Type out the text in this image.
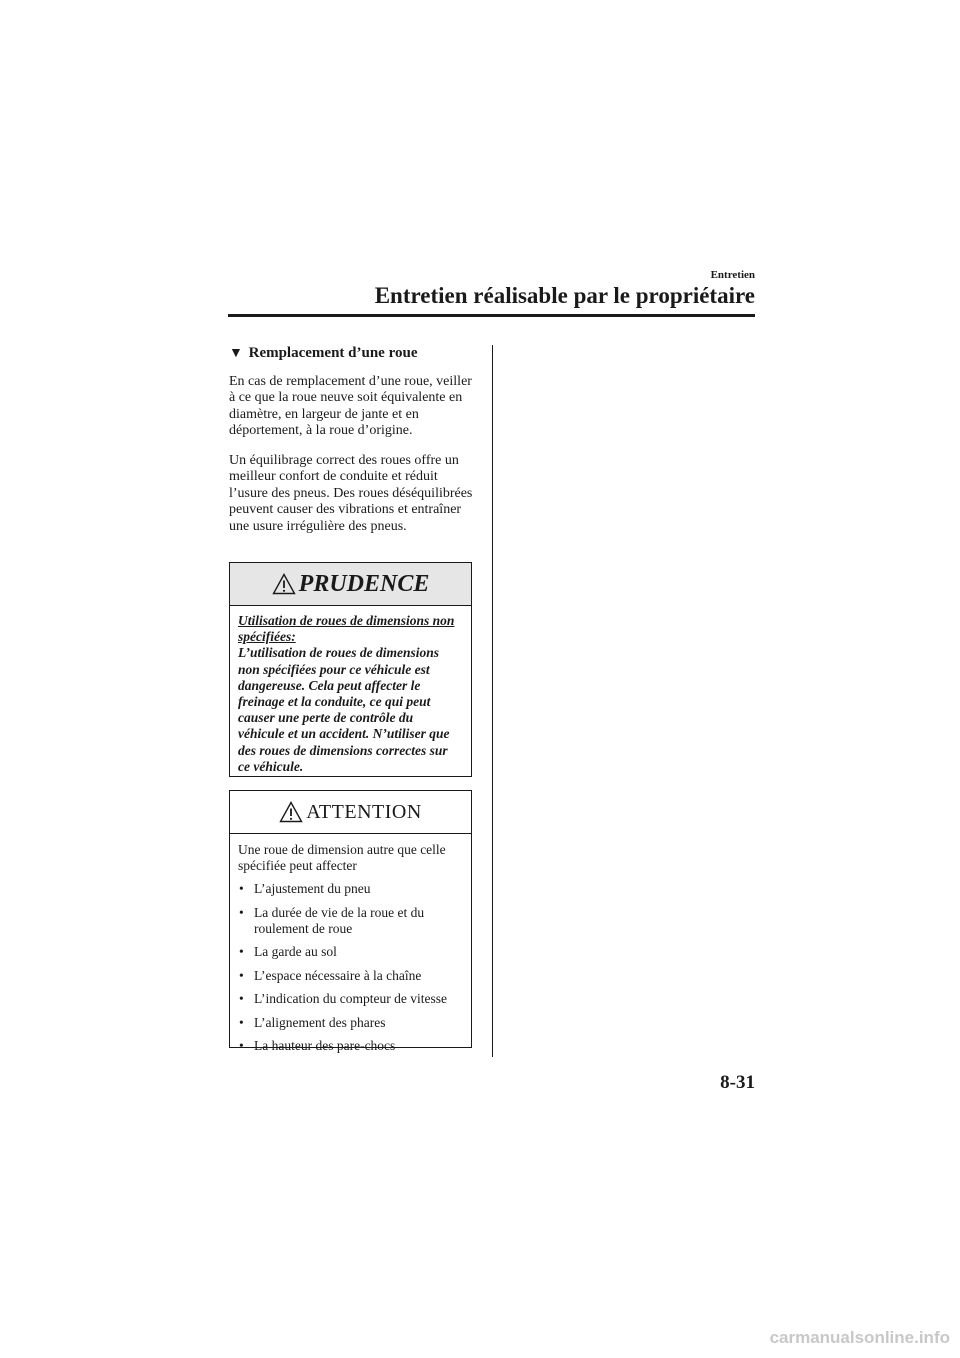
Entretien
Entretien réalisable par le propriétaire
▼ Remplacement d’une roue
En cas de remplacement d’une roue, veiller à ce que la roue neuve soit équivalente en diamètre, en largeur de jante et en déportement, à la roue d’origine.
Un équilibrage correct des roues offre un meilleur confort de conduite et réduit l’usure des pneus. Des roues déséquilibrées peuvent causer des vibrations et entraîner une usure irrégulière des pneus.
PRUDENCE
Utilisation de roues de dimensions non spécifiées:
L’utilisation de roues de dimensions non spécifiées pour ce véhicule est dangereuse. Cela peut affecter le freinage et la conduite, ce qui peut causer une perte de contrôle du véhicule et un accident. N’utiliser que des roues de dimensions correctes sur ce véhicule.
ATTENTION
Une roue de dimension autre que celle spécifiée peut affecter
• L’ajustement du pneu
• La durée de vie de la roue et du roulement de roue
• La garde au sol
• L’espace nécessaire à la chaîne
• L’indication du compteur de vitesse
• L’alignement des phares
• La hauteur des pare-chocs
8-31
carmanualsonline.info
